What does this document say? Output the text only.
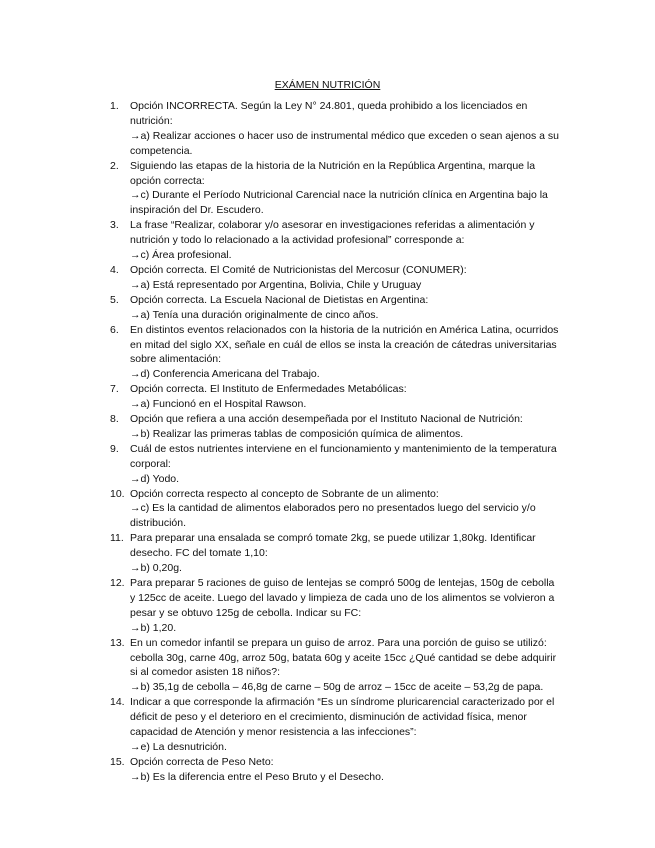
EXÁMEN NUTRICIÓN
1.	Opción INCORRECTA. Según la Ley N° 24.801, queda prohibido a los licenciados en nutrición:
→a) Realizar acciones o hacer uso de instrumental médico que exceden o sean ajenos a su competencia.
2.	Siguiendo las etapas de la historia de la Nutrición en la República Argentina, marque la opción correcta:
→c) Durante el Período Nutricional Carencial nace la nutrición clínica en Argentina bajo la inspiración del Dr. Escudero.
3.	La frase “Realizar, colaborar y/o asesorar en investigaciones referidas a alimentación y nutrición y todo lo relacionado a la actividad profesional” corresponde a:
→c) Área profesional.
4.	Opción correcta. El Comité de Nutricionistas del Mercosur (CONUMER):
→a) Está representado por Argentina, Bolivia, Chile y Uruguay
5.	Opción correcta. La Escuela Nacional de Dietistas en Argentina:
→a) Tenía una duración originalmente de cinco años.
6.	En distintos eventos relacionados con la historia de la nutrición en América Latina, ocurridos en mitad del siglo XX, señale en cuál de ellos se insta la creación de cátedras universitarias sobre alimentación:
→d) Conferencia Americana del Trabajo.
7.	Opción correcta. El Instituto de Enfermedades Metabólicas:
→a) Funcionó en el Hospital Rawson.
8.	Opción que refiera a una acción desempeñada por el Instituto Nacional de Nutrición:
→b) Realizar las primeras tablas de composición química de alimentos.
9.	Cuál de estos nutrientes interviene en el funcionamiento y mantenimiento de la temperatura corporal:
→d) Yodo.
10. Opción correcta respecto al concepto de Sobrante de un alimento:
→c) Es la cantidad de alimentos elaborados pero no presentados luego del servicio y/o distribución.
11. Para preparar una ensalada se compró tomate 2kg, se puede utilizar 1,80kg. Identificar desecho. FC del tomate 1,10:
→b) 0,20g.
12. Para preparar 5 raciones de guiso de lentejas se compró 500g de lentejas, 150g de cebolla y 125cc de aceite. Luego del lavado y limpieza de cada uno de los alimentos se volvieron a pesar y se obtuvo 125g de cebolla. Indicar su FC:
→b) 1,20.
13. En un comedor infantil se prepara un guiso de arroz. Para una porción de guiso se utilizó: cebolla 30g, carne 40g, arroz 50g, batata 60g y aceite 15cc ¿Qué cantidad se debe adquirir si al comedor asisten 18 niños?:
→b) 35,1g de cebolla – 46,8g de carne – 50g de arroz – 15cc de aceite – 53,2g de papa.
14. Indicar a que corresponde la afirmación “Es un síndrome pluricarencial caracterizado por el déficit de peso y el deterioro en el crecimiento, disminución de actividad física, menor capacidad de Atención y menor resistencia a las infecciones”:
→e) La desnutrición.
15. Opción correcta de Peso Neto:
→b) Es la diferencia entre el Peso Bruto y el Desecho.
